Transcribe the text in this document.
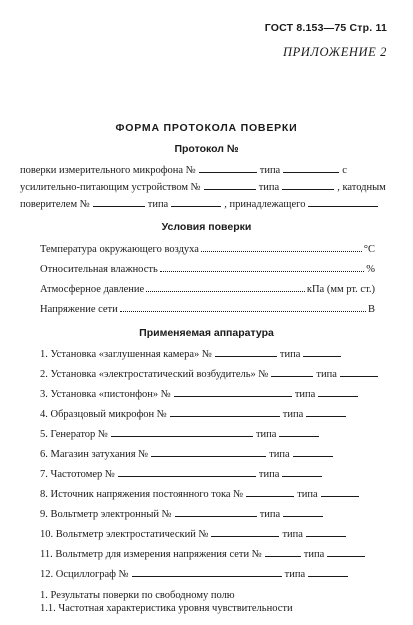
ГОСТ 8.153—75 Стр. 11
ПРИЛОЖЕНИЕ 2
ФОРМА ПРОТОКОЛА ПОВЕРКИ
Протокол №
поверки измерительного микрофона №	типа	с
усилительно-питающим устройством №	типа	, катодным
поверителем №	типа	, принадлежащего
Условия поверки
Температура окружающего воздуха	°С
Относительная влажность	%
Атмосферное давление	кПа (мм рт. ст.)
Напряжение сети	В
Применяемая аппаратура
1. Установка «заглушенная камера» №	типа
2. Установка «электростатический возбудитель» №	типа
3. Установка «пистонфон» №	типа
4. Образцовый микрофон №	типа
5. Генератор №	типа
6. Магазин затухания №	типа
7. Частотомер №	типа
8. Источник напряжения постоянного тока №	типа
9. Вольтметр электронный №	типа
10. Вольтметр электростатический №	типа
11. Вольтметр для измерения напряжения сети №	типа
12. Осциллограф №	типа
1. Результаты поверки по свободному полю
1.1. Частотная характеристика уровня чувствительности
